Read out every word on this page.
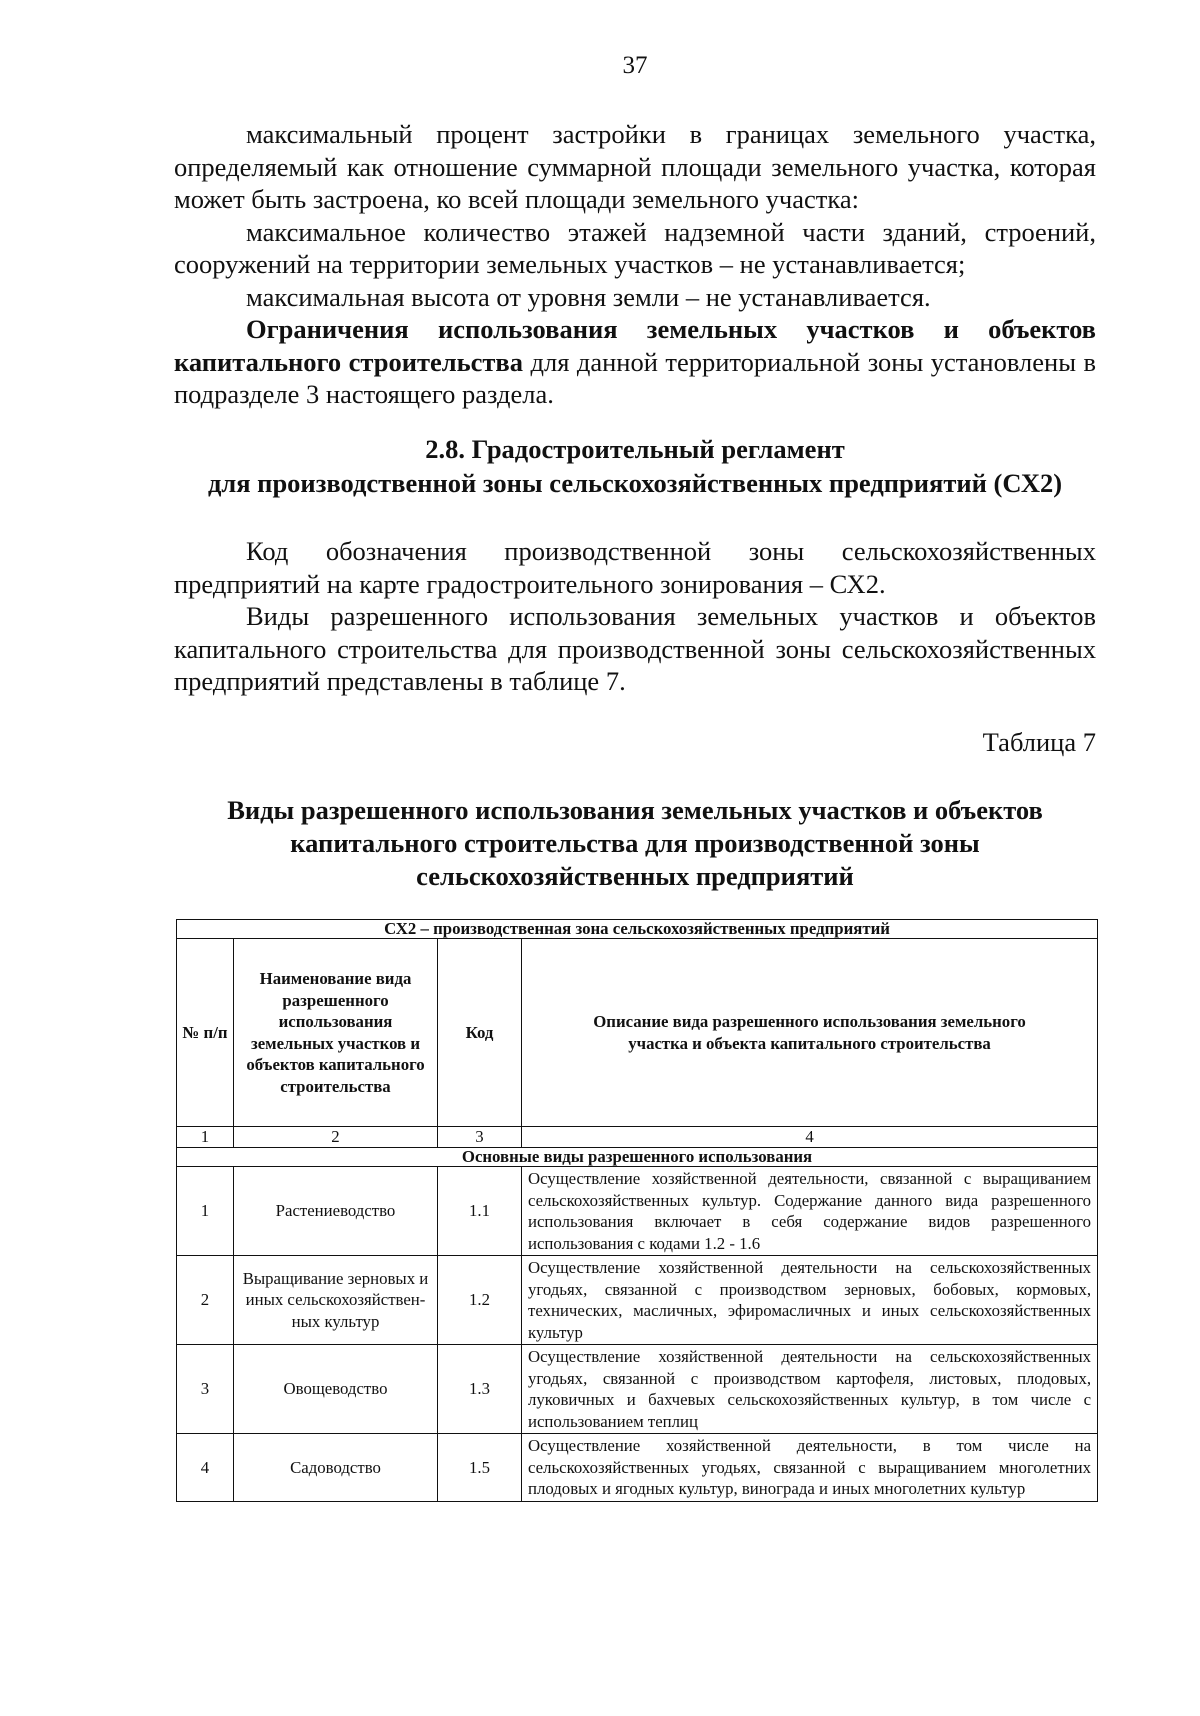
37

максимальный процент застройки в границах земельного участка, определяемый как отношение суммарной площади земельного участка, которая может быть застроена, ко всей площади земельного участка:

максимальное количество этажей надземной части зданий, строений, сооружений на территории земельных участков – не устанавливается;

максимальная высота от уровня земли – не устанавливается.

Ограничения использования земельных участков и объектов капитального строительства для данной территориальной зоны установлены в подразделе 3 настоящего раздела.

2.8. Градостроительный регламент
для производственной зоны сельскохозяйственных предприятий (СХ2)

Код обозначения производственной зоны сельскохозяйственных предприятий на карте градостроительного зонирования – СХ2.

Виды разрешенного использования земельных участков и объектов капитального строительства для производственной зоны сельскохозяйственных предприятий представлены в таблице 7.

Таблица 7
Виды разрешенного использования земельных участков и объектов
капитального строительства для производственной зоны
сельскохозяйственных предприятий
СХ2 – производственная зона сельскохозяйственных предприятий			
№ п/п	Наименование вида разрешенного использования земельных участков и объектов капитального строительства	Код	Описание вида разрешенного использования земельного участка и объекта капитального строительства
1	2	3	4
Основные виды разрешенного использования			
1	Растениеводство	1.1	Осуществление хозяйственной деятельности, связанной с выращиванием сельскохозяйственных культур. Содержание данного вида разрешенного использования включает в себя содержание видов разрешенного использования с кодами 1.2 - 1.6
2	Выращивание зерновых и иных сельскохозяйствен-ных культур	1.2	Осуществление хозяйственной деятельности на сельскохозяйственных угодьях, связанной с производством зерновых, бобовых, кормовых, технических, масличных, эфиромасличных и иных сельскохозяйственных культур
3	Овощеводство	1.3	Осуществление хозяйственной деятельности на сельскохозяйственных угодьях, связанной с производством картофеля, листовых, плодовых, луковичных и бахчевых сельскохозяйственных культур, в том числе с использованием теплиц
4	Садоводство	1.5	Осуществление хозяйственной деятельности, в том числе на сельскохозяйственных угодьях, связанной с выращиванием многолетних плодовых и ягодных культур, винограда и иных многолетних культур
